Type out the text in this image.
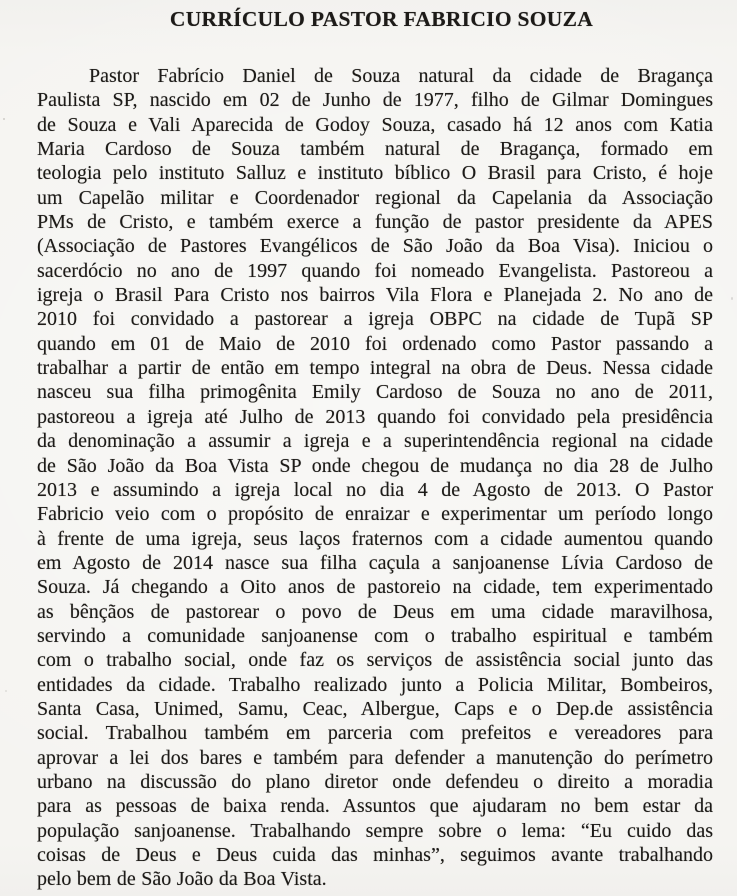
CURRÍCULO PASTOR FABRICIO SOUZA

Pastor Fabrício Daniel de Souza natural da cidade de Bragança

Paulista SP, nascido em 02 de Junho de 1977, filho de Gilmar Domingues

de Souza e Vali Aparecida de Godoy Souza, casado há 12 anos com Katia

Maria Cardoso de Souza também natural de Bragança, formado em

teologia pelo instituto Salluz e instituto bíblico O Brasil para Cristo, é hoje

um Capelão militar e Coordenador regional da Capelania da Associação

PMs de Cristo, e também exerce a função de pastor presidente da APES

(Associação de Pastores Evangélicos de São João da Boa Visa). Iniciou o

sacerdócio no ano de 1997 quando foi nomeado Evangelista. Pastoreou a

igreja o Brasil Para Cristo nos bairros Vila Flora e Planejada 2. No ano de

2010 foi convidado a pastorear a igreja OBPC na cidade de Tupã SP

quando em 01 de Maio de 2010 foi ordenado como Pastor passando a

trabalhar a partir de então em tempo integral na obra de Deus. Nessa cidade

nasceu sua filha primogênita Emily Cardoso de Souza no ano de 2011,

pastoreou a igreja até Julho de 2013 quando foi convidado pela presidência

da denominação a assumir a igreja e a superintendência regional na cidade

de São João da Boa Vista SP onde chegou de mudança no dia 28 de Julho

2013 e assumindo a igreja local no dia 4 de Agosto de 2013. O Pastor

Fabricio veio com o propósito de enraizar e experimentar um período longo

à frente de uma igreja, seus laços fraternos com a cidade aumentou quando

em Agosto de 2014 nasce sua filha caçula a sanjoanense Lívia Cardoso de

Souza. Já chegando a Oito anos de pastoreio na cidade, tem experimentado

as bênçãos de pastorear o povo de Deus em uma cidade maravilhosa,

servindo a comunidade sanjoanense com o trabalho espiritual e também

com o trabalho social, onde faz os serviços de assistência social junto das

entidades da cidade. Trabalho realizado junto a Policia Militar, Bombeiros,

Santa Casa, Unimed, Samu, Ceac, Albergue, Caps e o Dep.de assistência

social. Trabalhou também em parceria com prefeitos e vereadores para

aprovar a lei dos bares e também para defender a manutenção do perímetro

urbano na discussão do plano diretor onde defendeu o direito a moradia

para as pessoas de baixa renda. Assuntos que ajudaram no bem estar da

população sanjoanense. Trabalhando sempre sobre o lema: “Eu cuido das

coisas de Deus e Deus cuida das minhas”, seguimos avante trabalhando

pelo bem de São João da Boa Vista.
